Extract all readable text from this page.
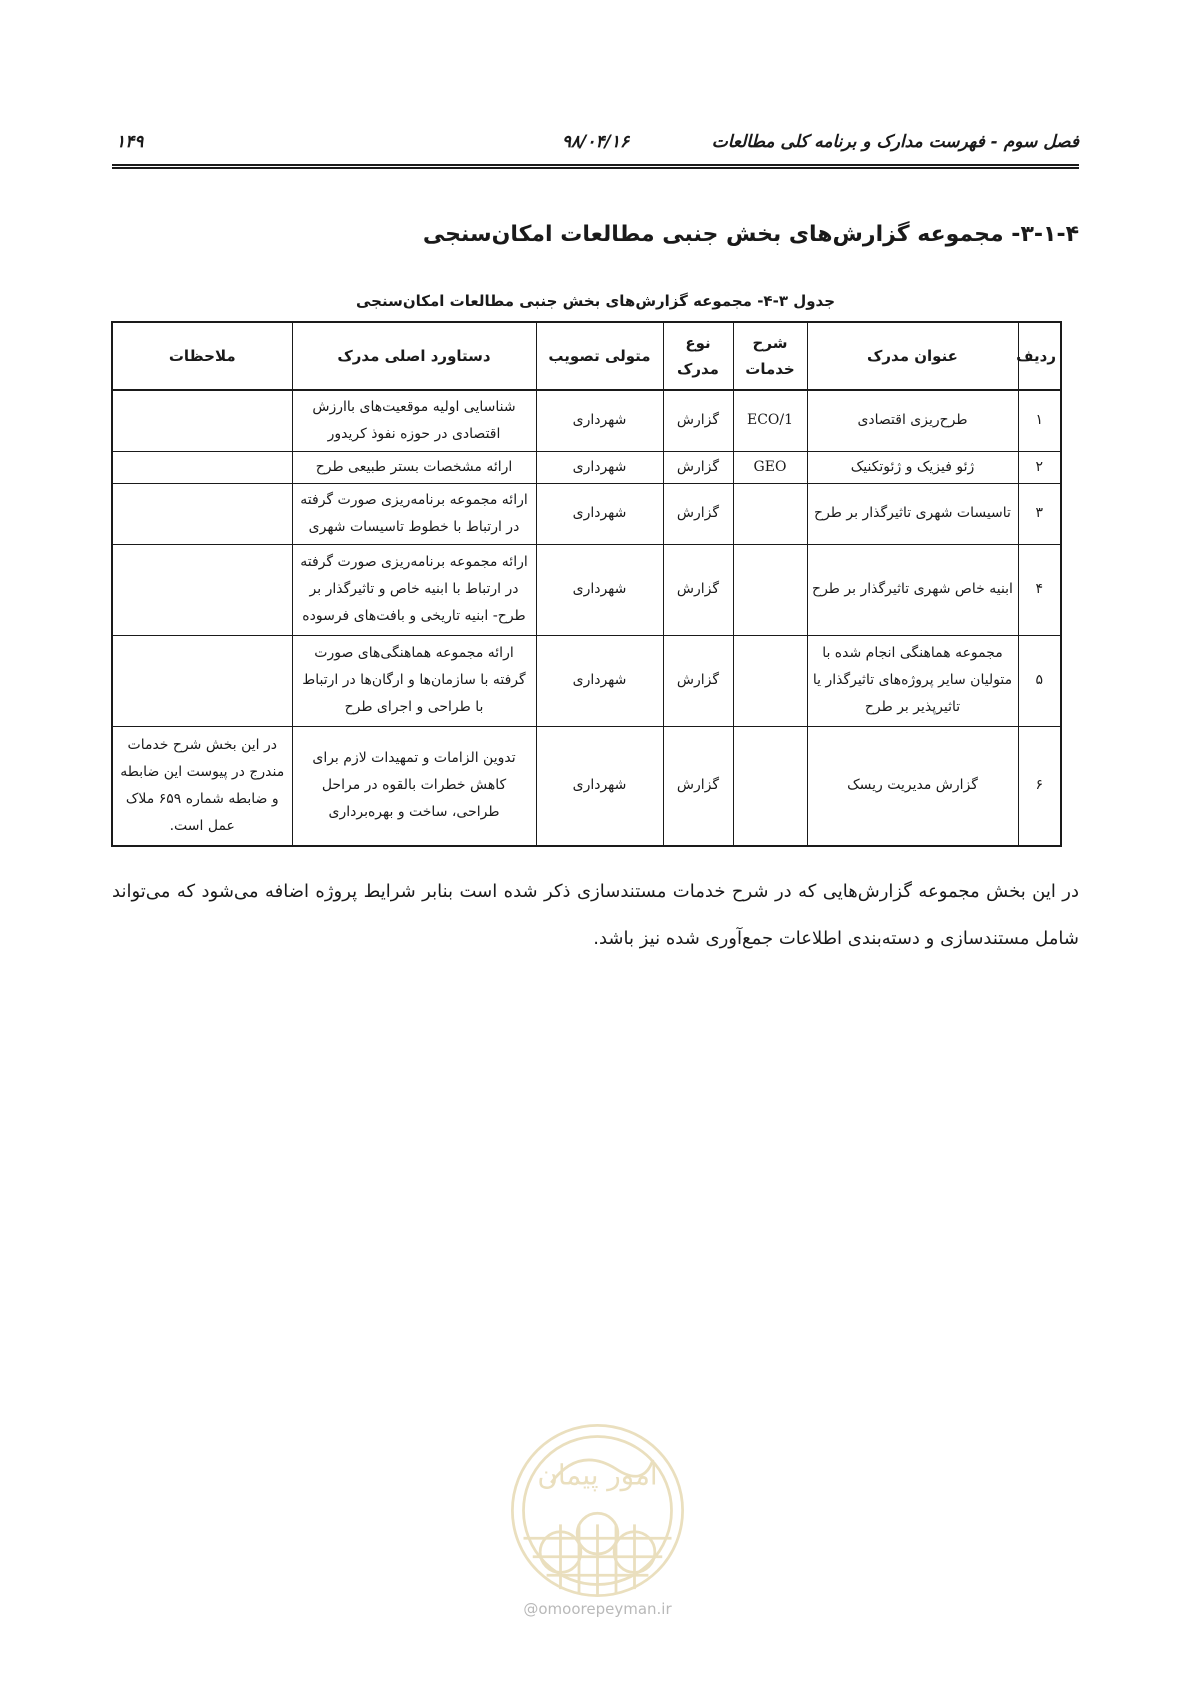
فصل سوم - فهرست مدارک و برنامه کلی مطالعات
۹۸/۰۴/۱۶
۱۴۹
۳-۱-۴- مجموعه گزارش‌های بخش جنبی مطالعات امکان‌سنجی
جدول ۳-۴- مجموعه گزارش‌های بخش جنبی مطالعات امکان‌سنجی
ردیف	عنوان مدرک	شرح خدمات	نوع مدرک	متولی تصویب	دستاورد اصلی مدرک	ملاحظات
۱	طرح‌ریزی اقتصادی	ECO/1	گزارش	شهرداری	شناسایی اولیه موقعیت‌های باارزش اقتصادی در حوزه نفوذ کریدور	
۲	ژئو فیزیک و ژئوتکنیک	GEO	گزارش	شهرداری	ارائه مشخصات بستر طبیعی طرح	
۳	تاسیسات شهری تاثیرگذار بر طرح		گزارش	شهرداری	ارائه مجموعه برنامه‌ریزی صورت گرفته در ارتباط با خطوط تاسیسات شهری	
۴	ابنیه خاص شهری تاثیرگذار بر طرح		گزارش	شهرداری	ارائه مجموعه برنامه‌ریزی صورت گرفته در ارتباط با ابنیه خاص و تاثیرگذار بر طرح- ابنیه تاریخی و بافت‌های فرسوده	
۵	مجموعه هماهنگی انجام شده با متولیان سایر پروژه‌های تاثیرگذار یا تاثیرپذیر بر طرح		گزارش	شهرداری	ارائه مجموعه هماهنگی‌های صورت گرفته با سازمان‌ها و ارگان‌ها در ارتباط با طراحی و اجرای طرح	
۶	گزارش مدیریت ریسک		گزارش	شهرداری	تدوین الزامات و تمهیدات لازم برای کاهش خطرات بالقوه در مراحل طراحی، ساخت و بهره‌برداری	در این بخش شرح خدمات مندرج در پیوست این ضابطه و ضابطه شماره ۶۵۹ ملاک عمل است.
در این بخش مجموعه گزارش‌هایی که در شرح خدمات مستندسازی ذکر شده است بنابر شرایط پروژه اضافه می‌شود که می‌تواند شامل مستندسازی و دسته‌بندی اطلاعات جمع‌آوری شده نیز باشد.
امور پیمان
@omoorepeyman.ir
